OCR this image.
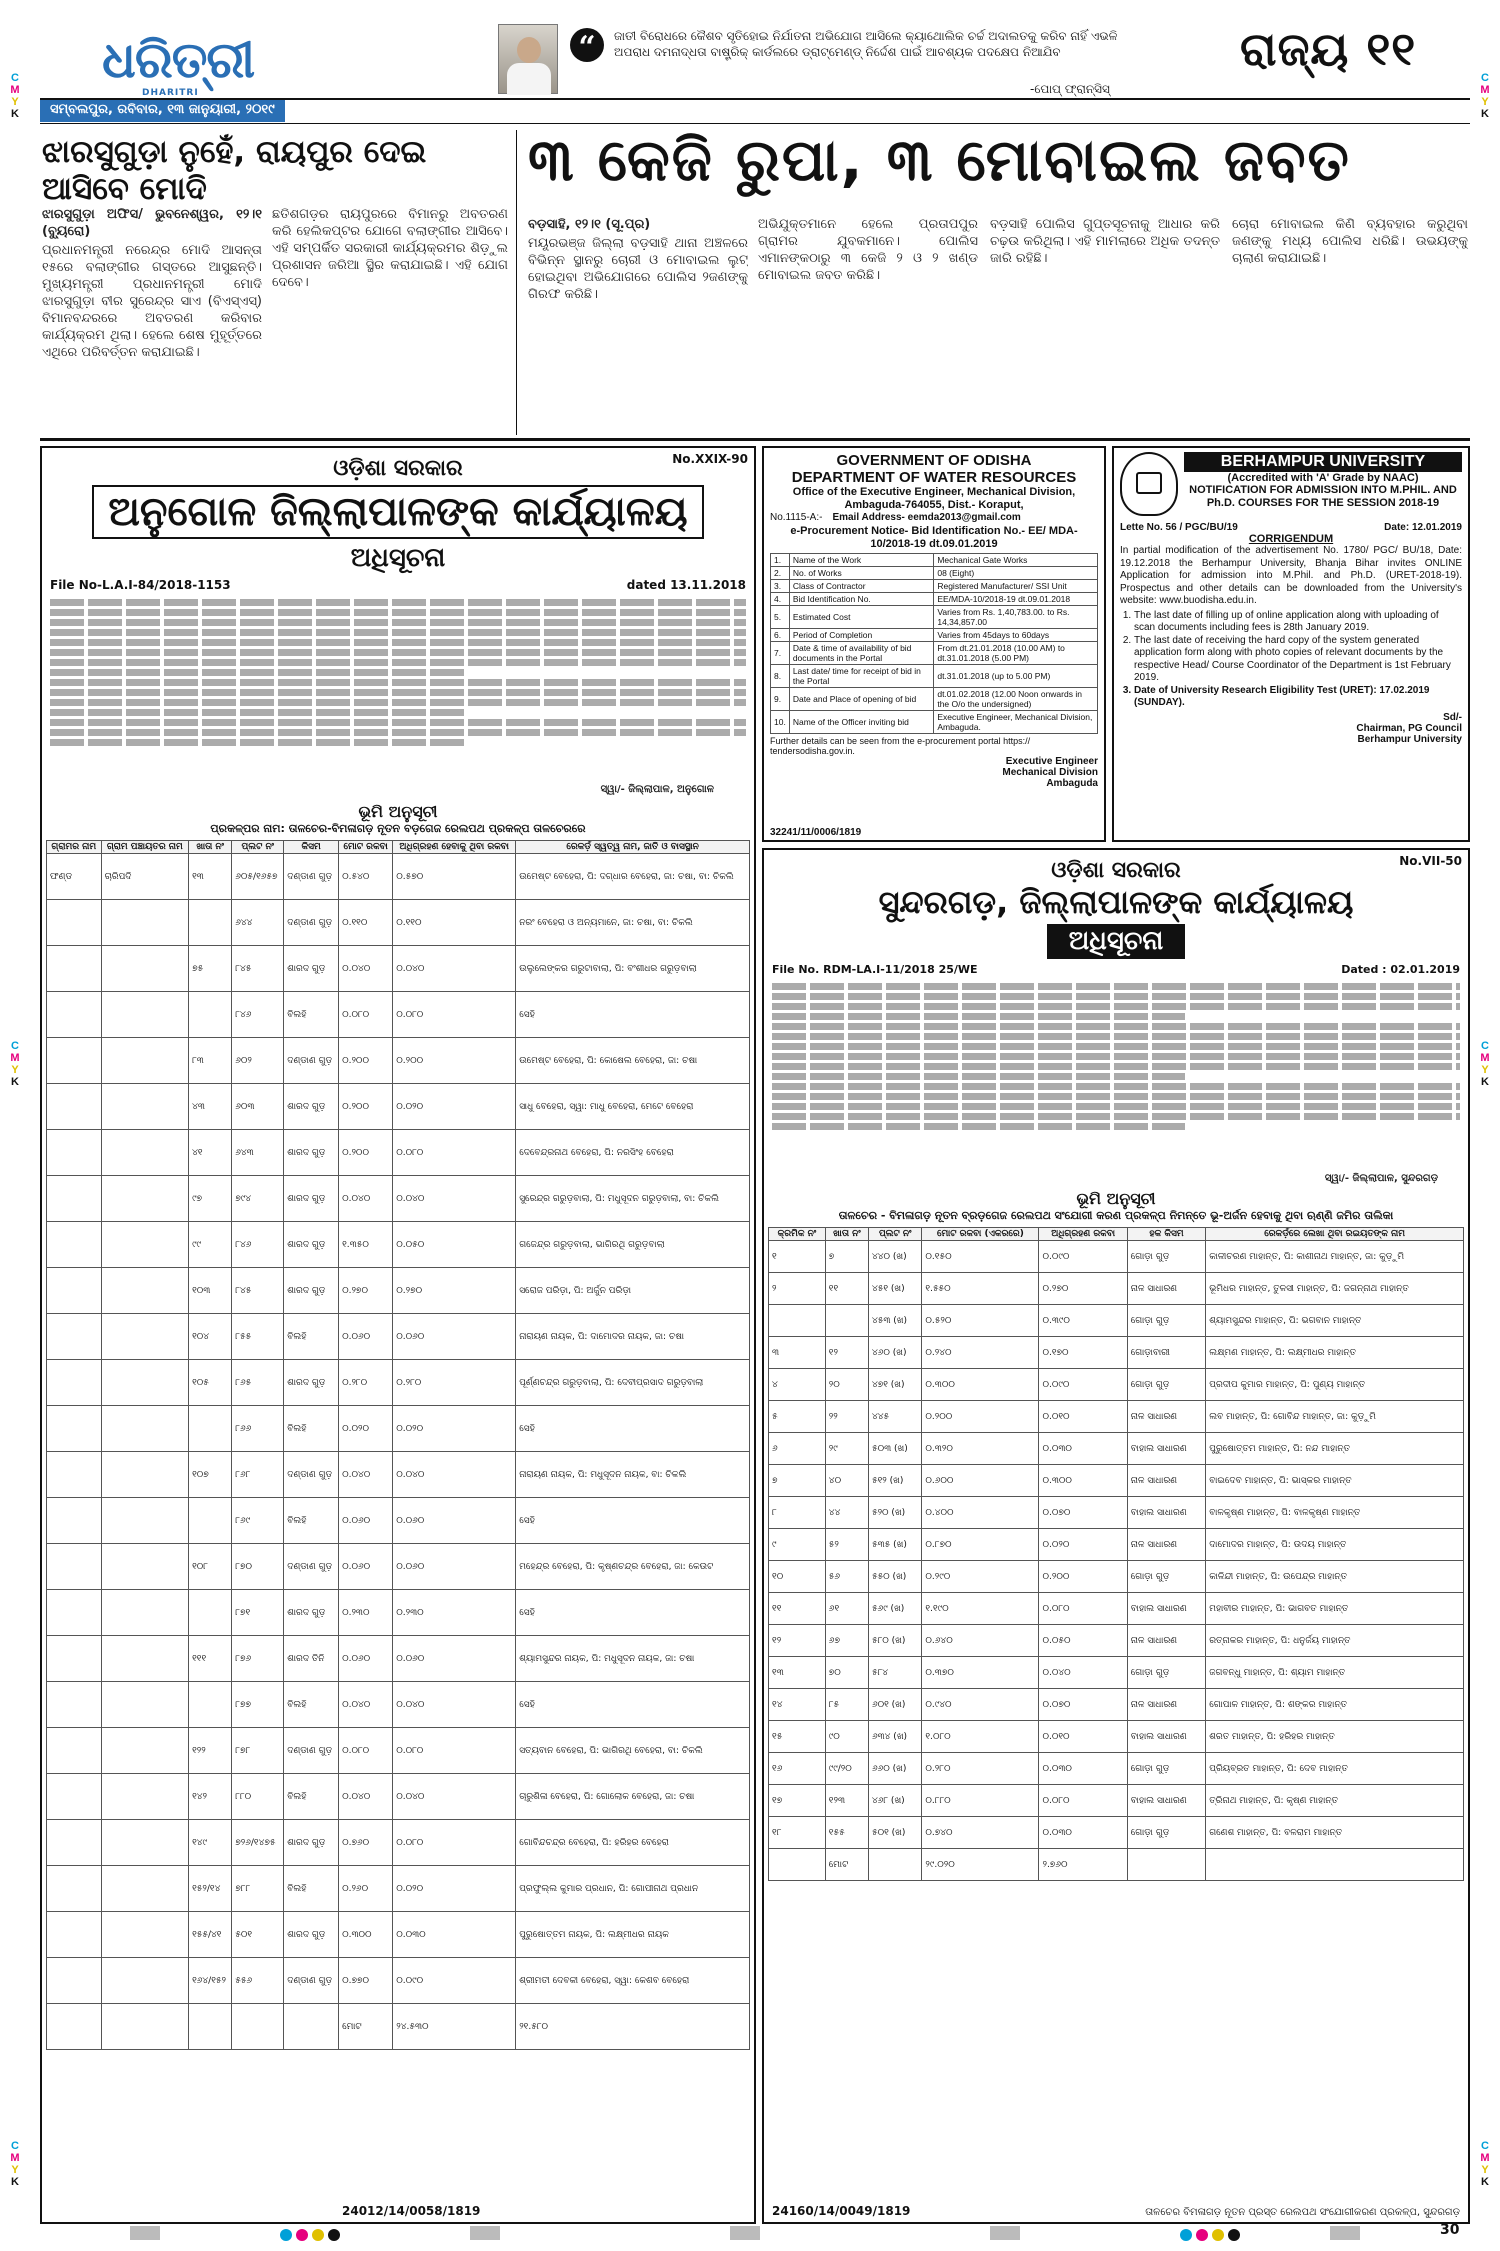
C
M
Y
K
C
M
Y
K
C
M
Y
K
C
M
Y
K
C
M
Y
K
C
M
Y
K
ଧରିତ୍ରୀ
DHARITRI
“	ଜାତୀ ବିରୋଧରେ କୈଶବ ସୃତିହୋଇ ନିର୍ଯାତନା ଅଭିଯୋଗ ଆସିଲେ କ୍ୟାଥୋଲିକ ଚର୍ଚ୍ଚ ଅଦାଲତକୁ କରିବ ନାହିଁ ଏଭଳି ଅପରାଧ ଦମନାଦ୍ଧତା ବାଷ୍ଟ୍ରିକ୍ କାର୍ଡଲରେ ଡ୍ରାଟ୍‌ମେଣ୍ଡ୍ ନିର୍ଦ୍ଦେଶ ପାଇଁ ଆବଶ୍ୟକ ପଦକ୍ଷେପ ନିଆଯିବ
-ପୋପ୍ ଫ୍ରାନ୍ସିସ୍
ରାଜ୍ୟ ୧୧
ସମ୍ବଲପୁର, ରବିବାର, ୧୩ ଜାନୁୟାରୀ, ୨୦୧୯
ଝାରସୁଗୁଡ଼ା ନୁହେଁ, ରାୟପୁର ଦେଇ ଆସିବେ ମୋଦି
ଝାରସୁଗୁଡ଼ା ଅଫିସ/ ଭୁବନେଶ୍ୱର, ୧୨।୧ (ବ୍ୟୁରୋ)
ପ୍ରଧାନମନ୍ତ୍ରୀ ନରେନ୍ଦ୍ର ମୋଦି ଆସନ୍ତା ୧୫ରେ ବଲାଙ୍ଗୀର ଗସ୍ତରେ ଆସୁଛନ୍ତି। ମୁଖ୍ୟମନ୍ତ୍ରୀ ପ୍ରଧାନମନ୍ତ୍ରୀ ମୋଦି ଝାରସୁଗୁଡ଼ା ବୀର ସୁରେନ୍ଦ୍ର ସାଏ (ବିଏସ୍‌ଏସ୍) ବିମାନବନ୍ଦରରେ ଅବତରଣ କରିବାର କାର୍ଯ୍ୟକ୍ରମ ଥିଲା। ହେଲେ ଶେଷ ମୁହୂର୍ତ୍ତରେ ଏଥିରେ ପରିବର୍ତ୍ତନ କରାଯାଇଛି।
ଛତିଶଗଡ଼ର ରାୟପୁରରେ ବିମାନରୁ ଅବତରଣ କରି ହେଲିକପ୍ଟର ଯୋଗେ ବଲାଙ୍ଗୀର ଆସିବେ। ଏହି ସମ୍ପର୍କିତ ସରକାରୀ କାର୍ଯ୍ୟକ୍ରମର ଶିଡ଼ୁଲ ପ୍ରଶାସନ ଜରିଆ ସ୍ଥିର କରାଯାଇଛି। ଏହି ଯୋଗ ଦେବେ।
୩ କେଜି ରୁପା, ୩ ମୋବାଇଲ ଜବତ
ବଡ଼ସାହି, ୧୨।୧ (ସୂ.ପ୍ର)
ମୟୂରଭଞ୍ଜ ଜିଲ୍ଲା ବଡ଼ସାହି ଥାନା ଅଞ୍ଚଳରେ ବିଭିନ୍ନ ସ୍ଥାନରୁ ଚୋରୀ ଓ ମୋବାଇଲ ଲୁଟ୍ ହୋଇଥିବା ଅଭିଯୋଗରେ ପୋଲିସ ୨ଜଣଙ୍କୁ ଗିରଫ କରିଛି।
ଅଭିଯୁକ୍ତମାନେ ହେଲେ ପ୍ରତାପପୁର ଗ୍ରାମର ଯୁବକମାନେ। ପୋଲିସ ଏମାନଙ୍କଠାରୁ ୩ କେଜି ୨ ଓ ୨ ଖଣ୍ଡ ମୋବାଇଲ ଜବତ କରିଛି।
ବଡ଼ସାହି ପୋଲିସ ଗୁପ୍ତସୂଚନାକୁ ଆଧାର କରି ଚଢ଼ଉ କରିଥିଲା। ଏହି ମାମଲାରେ ଅଧିକ ତଦନ୍ତ ଜାରି ରହିଛି।
ଚୋରା ମୋବାଇଲ କିଣି ବ୍ୟବହାର କରୁଥିବା ଜଣଙ୍କୁ ମଧ୍ୟ ପୋଲିସ ଧରିଛି। ଉଭୟଙ୍କୁ ଚାଲାଣ କରାଯାଇଛି।
No.XXIX-90
ଓଡ଼ିଶା ସରକାର
ଅନୁଗୋଳ ଜିଲ୍ଲାପାଳଙ୍କ କାର୍ଯ୍ୟାଳୟ
ଅଧିସୂଚନା
File No-L.A.I-84/2018-1153	dated 13.11.2018
ସ୍ୱା/- ଜିଲ୍ଲାପାଳ, ଅନୁଗୋଳ
ଭୂମି ଅନୁସୂଚୀ
ପ୍ରକଳ୍ପର ନାମ: ତାଳଚେର-ବିମଳାଗଡ଼ ନୂତନ ବଡ଼ଗେଜ ରେଲପଥ ପ୍ରକଳ୍ପ ତାଳଚେରରେ
ଗ୍ରାମର ନାମ	ଗ୍ରାମ ପଞ୍ଚାୟତର ନାମ	ଖାତା ନଂ	ପ୍ଲଟ ନଂ	କିସମ	ମୋଟ ରକବା	ଅଧିଗ୍ରହଣ ହେବାକୁ ଥିବା ରକବା	ରେକର୍ଡ଼ ସ୍ୱତ୍ୱ ନାମ, ଜାତି ଓ ବାସସ୍ଥାନ
ଫଣ୍ଡ	ଚାରିପଦି	୧୩	୬୦୫/୧୬୫୭	ଦଣ୍ଡାଣ ଗୁଡ଼	୦.୫୪୦	୦.୫୭୦	ଉମେଷ୍ଟ ବେହେରା, ପି: ଦଗ୍ଧାର ବେହେରା, ଜା: ଚଷା, ବା: ଚିକଲି
			୬୪୪	ଦଣ୍ଡାଣ ଗୁଡ଼	୦.୧୧୦	୦.୧୧୦	ନରଂ ବେହେରା ଓ ଅନ୍ୟମାନେ, ଜା: ଚଷା, ବା: ଚିକଲି
		୭୫	୮୪୫	ଶାରଦ ଗୁଡ଼	୦.୦୪୦	୦.୦୪୦	ଉଲୁଲେଙ୍କର ଗରୁଟାବାଲା, ପି: ବଂଶୀଧର ଗରୁଡ଼ବାଲା
			୮୪୬	ବିଲହି	୦.୦୮୦	୦.୦୮୦	ସେହି
		୮୩	୬୦୨	ଦଣ୍ଡାଣ ଗୁଡ଼	୦.୨୦୦	୦.୨୦୦	ଉମେଷ୍ଟ ବେହେରା, ପି: କୋଷେଲ ବେହେରା, ଜା: ଚଷା
		୪୩	୬୦୩	ଶାରଦ ଗୁଡ଼	୦.୨୦୦	୦.୦୨୦	ସାଧୁ ବେହେରା, ସ୍ୱା: ମାଧୁ ବେହେରା, ମେଟେ ବେହେରା
		୪୧	୬୪୩	ଶାରଦ ଗୁଡ଼	୦.୨୦୦	୦.୦୮୦	ଦେବେନ୍ଦ୍ରନାଥ ବେହେରା, ପି: ନରସିଂହ ବେହେରା
		୯୭	୭୯୪	ଶାରଦ ଗୁଡ଼	୦.୦୪୦	୦.୦୪୦	ସୁରେନ୍ଦ୍ର ଗରୁଡ଼ବାଲା, ପି: ମଧୁସୂଦନ ଗରୁଡ଼ବାଲା, ବା: ଚିକଲି
		୯୯	୮୪୬	ଶାରଦ ଗୁଡ଼	୧.୩୫୦	୦.୦୫୦	ଗଜେନ୍ଦ୍ର ଗରୁଡ଼ବାଲା, ଭାଗିରଥି ଗରୁଡ଼ବାଲା
		୧୦୩	୮୪୫	ଶାରଦ ଗୁଡ଼	୦.୨୭୦	୦.୨୭୦	ସରୋଜ ପରିଡ଼ା, ପି: ଅର୍ଜୁନ ପରିଡ଼ା
		୧୦୪	୮୫୫	ବିଲହି	୦.୦୬୦	୦.୦୬୦	ନାରାୟଣ ନାୟକ, ପି: ଦାମୋଦର ନାୟକ, ଜା: ଚଷା
		୧୦୫	୮୬୫	ଶାରଦ ଗୁଡ଼	୦.୨୮୦	୦.୨୮୦	ପୂର୍ଣ୍ଣଚନ୍ଦ୍ର ଗରୁଡ଼ବାଲା, ପି: ଦେବୀପ୍ରସାଦ ଗରୁଡ଼ବାଲା
			୮୬୬	ବିଲହି	୦.୦୨୦	୦.୦୨୦	ସେହି
		୧୦୭	୮୬୮	ଦଣ୍ଡାଣ ଗୁଡ଼	୦.୦୪୦	୦.୦୪୦	ନାରାୟଣ ନାୟକ, ପି: ମଧୁସୂଦନ ନାୟକ, ବା: ଚିକଲି
			୮୬୯	ବିଲହି	୦.୦୬୦	୦.୦୬୦	ସେହି
		୧୦୮	୮୭୦	ଦଣ୍ଡାଣ ଗୁଡ଼	୦.୦୬୦	୦.୦୬୦	ମହେନ୍ଦ୍ର ବେହେରା, ପି: କୃଷ୍ଣଚନ୍ଦ୍ର ବେହେରା, ଜା: କେଉଟ
			୮୭୧	ଶାରଦ ଗୁଡ଼	୦.୨୩୦	୦.୨୩୦	ସେହି
		୧୧୧	୮୭୬	ଶାରଦ ତିନି	୦.୦୬୦	୦.୦୬୦	ଶ୍ୟାମସୁନ୍ଦର ନାୟକ, ପି: ମଧୁସୂଦନ ନାୟକ, ଜା: ଚଷା
			୮୭୭	ବିଲହି	୦.୦୪୦	୦.୦୪୦	ସେହି
		୧୨୨	୮୭୮	ଦଣ୍ଡାଣ ଗୁଡ଼	୦.୦୮୦	୦.୦୮୦	ସତ୍ୟବାନ ବେହେରା, ପି: ଭାଗିରଥି ବେହେରା, ବା: ଚିକଲି
		୧୪୨	୮୮୦	ବିଲହି	୦.୦୪୦	୦.୦୪୦	ଚାରୁଶିଳା ବେହେରା, ପି: ଗୋଲୋକ ବେହେରା, ଜା: ଚଷା
		୧୪୯	୭୨୬/୧୪୭୫	ଶାରଦ ଗୁଡ଼	୦.୭୬୦	୦.୦୮୦	ଗୋବିନ୍ଦଚନ୍ଦ୍ର ବେହେରା, ପି: ହରିହର ବେହେରା
		୧୫୨/୧୪	୭୮୮	ବିଲହି	୦.୨୬୦	୦.୦୨୦	ପ୍ରଫୁଲ୍ଲ କୁମାର ପ୍ରଧାନ, ପି: ଗୋପୀନାଥ ପ୍ରଧାନ
		୧୫୫/୪୧	୫୦୧	ଶାରଦ ଗୁଡ଼	୦.୩୦୦	୦.୦୩୦	ପୁରୁଷୋତ୍ତମ ନାୟକ, ପି: ଲକ୍ଷ୍ମୀଧର ନାୟକ
		୧୬୪/୧୫୨	୫୫୬	ଦଣ୍ଡାଣ ଗୁଡ଼	୦.୭୭୦	୦.୦୯୦	ଶ୍ରୀମତୀ ଦେବକୀ ବେହେରା, ସ୍ୱା: କେଶବ ବେହେରା
					ମୋଟ	୨୪.୫୩୦	୨୧.୫୮୦
24012/14/0058/1819
GOVERNMENT OF ODISHA
DEPARTMENT OF WATER RESOURCES
Office of the Executive Engineer, Mechanical Division, Ambaguda-764055, Dist.- Koraput,
No.1115-A:- Email Address- eemda2013@gmail.com
e-Procurement Notice- Bid Identification No.- EE/ MDA-10/2018-19 dt.09.01.2019
1.	Name of the Work	Mechanical Gate Works
2.	No. of Works	08 (Eight)
3.	Class of Contractor	Registered Manufacturer/ SSI Unit
4.	Bid Identification No.	EE/MDA-10/2018-19 dt.09.01.2018
5.	Estimated Cost	Varies from Rs. 1,40,783.00. to Rs. 14,34,857.00
6.	Period of Completion	Varies from 45days to 60days
7.	Date & time of availability of bid documents in the Portal	From dt.21.01.2018 (10.00 AM) to dt.31.01.2018 (5.00 PM)
8.	Last date/ time for receipt of bid in the Portal	dt.31.01.2018 (up to 5.00 PM)
9.	Date and Place of opening of bid	dt.01.02.2018 (12.00 Noon onwards in the O/o the undersigned)
10.	Name of the Officer inviting bid	Executive Engineer, Mechanical Division, Ambaguda.
Further details can be seen from the e-procurement portal https:// tendersodisha.gov.in.
Executive Engineer Mechanical Division Ambaguda
32241/11/0006/1819
BERHAMPUR UNIVERSITY
(Accredited with 'A' Grade by NAAC)
NOTIFICATION FOR ADMISSION INTO M.PHIL. AND Ph.D. COURSES FOR THE SESSION 2018-19
Lette No. 56 / PGC/BU/19	Date: 12.01.2019
CORRIGENDUM
In partial modification of the advertisement No. 1780/ PGC/ BU/18, Date: 19.12.2018 the Berhampur University, Bhanja Bihar invites ONLINE Application for admission into M.Phil. and Ph.D. (URET-2018-19). Prospectus and other details can be downloaded from the University's website: www.buodisha.edu.in.
1. The last date of filling up of online application along with uploading of scan documents including fees is 28th January 2019.
2. The last date of receiving the hard copy of the system generated application form along with photo copies of relevant documents by the respective Head/ Course Coordinator of the Department is 1st February 2019.
3. Date of University Research Eligibility Test (URET): 17.02.2019 (SUNDAY).
Sd/-
Chairman, PG Council
Berhampur University
No.VII-50
ଓଡ଼ିଶା ସରକାର
ସୁନ୍ଦରଗଡ଼, ଜିଲ୍ଲାପାଳଙ୍କ କାର୍ଯ୍ୟାଳୟ
ଅଧିସୂଚନା
File No. RDM-LA.I-11/2018 25/WE	Dated : 02.01.2019
ସ୍ୱା/- ଜିଲ୍ଲାପାଳ, ସୁନ୍ଦରଗଡ଼
ଭୂମି ଅନୁସୂଚୀ
ତାଳଚେର - ବିମଳାଗଡ଼ ନୂତନ ବ୍ରଡ଼ଗେଜ ରେଲପଥ ସଂଯୋଗୀ କରଣ ପ୍ରକଳ୍ପ ନିମନ୍ତେ ଭୂ-ଅର୍ଜନ ହେବାକୁ ଥିବା ଋଣ୍ଣି ଜମିର ତାଲିକା
କ୍ରମିକ ନଂ	ଖାତା ନଂ	ପ୍ଲଟ ନଂ	ମୋଟ ରକବା (ଏକରରେ)	ଅଧିଗ୍ରହଣ ରକବା	ହକ କିସମ	ରେକର୍ଡ଼ରେ ଲେଖା ଥିବା ରଇୟତଙ୍କ ନାମ
୧	୭	୪୪୦ (ଖ)	୦.୧୫୦	୦.୦୯୦	ଗୋଡ଼ା ଗୁଡ଼	କାଳୀଚରଣ ମାହାନ୍ତ, ପି: କାଶୀନାଥ ମାହାନ୍ତ, ଜା: କୁଡ଼ୁମି
୨	୧୧	୪୫୧ (ଖ)	୧.୫୫୦	୦.୨୭୦	ନାଳ ସାଧାରଣ	ଭୂମିଧର ମାହାନ୍ତ, ତୁଳସୀ ମାହାନ୍ତ, ପି: ଜଗନ୍ନାଥ ମାହାନ୍ତ
		୪୫୩ (ଖ)	୦.୫୨୦	୦.୩୯୦	ଗୋଡ଼ା ଗୁଡ଼	ଶ୍ୟାମସୁନ୍ଦର ମାହାନ୍ତ, ପି: ଭଗବାନ ମାହାନ୍ତ
୩	୧୨	୪୬୦ (ଖ)	୦.୨୪୦	୦.୧୭୦	ଗୋଡ଼ାବାରୀ	ଲକ୍ଷ୍ମଣ ମାହାନ୍ତ, ପି: ଲକ୍ଷ୍ମୀଧର ମାହାନ୍ତ
୪	୨୦	୪୭୧ (ଖ)	୦.୩୦୦	୦.୦୯୦	ଗୋଡ଼ା ଗୁଡ଼	ପ୍ରଦୀପ କୁମାର ମାହାନ୍ତ, ପି: ପୁଣ୍ୟ ମାହାନ୍ତ
୫	୨୨	୪୪୫	୦.୨୦୦	୦.୦୧୦	ନାଳ ସାଧାରଣ	ଲବ ମାହାନ୍ତ, ପି: ଗୋବିନ୍ଦ ମାହାନ୍ତ, ଜା: କୁଡ଼ୁମି
୬	୨୯	୫୦୩ (ଖ)	୦.୩୨୦	୦.୦୩୦	ବାହାଲ ସାଧାରଣ	ପୁରୁଷୋତ୍ତମ ମାହାନ୍ତ, ପି: ନନ୍ଦ ମାହାନ୍ତ
୭	୪୦	୫୧୨ (ଖ)	୦.୬୦୦	୦.୩୦୦	ନାଳ ସାଧାରଣ	ବାଇଦେବ ମାହାନ୍ତ, ପି: ଭାସ୍କର ମାହାନ୍ତ
୮	୪୪	୫୨୦ (ଖ)	୦.୪୦୦	୦.୦୭୦	ବାହାଲ ସାଧାରଣ	ବାଳକୃଷ୍ଣ ମାହାନ୍ତ, ପି: ବାଳକୃଷ୍ଣ ମାହାନ୍ତ
୯	୫୨	୫୩୫ (ଖ)	୦.୮୭୦	୦.୦୨୦	ନାଳ ସାଧାରଣ	ଦାମୋଦର ମାହାନ୍ତ, ପି: ଉଦୟ ମାହାନ୍ତ
୧୦	୫୬	୫୫୦ (ଖ)	୦.୨୯୦	୦.୨୦୦	ଗୋଡ଼ା ଗୁଡ଼	କାଳିନ୍ଦୀ ମାହାନ୍ତ, ପି: ଉପେନ୍ଦ୍ର ମାହାନ୍ତ
୧୧	୬୧	୫୬୯ (ଖ)	୧.୧୯୦	୦.୦୮୦	ବାହାଲ ସାଧାରଣ	ମହାବୀର ମାହାନ୍ତ, ପି: ଭାଗବତ ମାହାନ୍ତ
୧୨	୬୭	୫୮୦ (ଖ)	୦.୬୪୦	୦.୦୫୦	ନାଳ ସାଧାରଣ	ରତ୍ନାକର ମାହାନ୍ତ, ପି: ଧନୁର୍ଜୟ ମାହାନ୍ତ
୧୩	୭୦	୫୮୪	୦.୩୭୦	୦.୦୪୦	ଗୋଡ଼ା ଗୁଡ଼	ଜଗବନ୍ଧୁ ମାହାନ୍ତ, ପି: ଶ୍ୟାମ ମାହାନ୍ତ
୧୪	୮୫	୬୦୧ (ଖ)	୦.୯୪୦	୦.୦୭୦	ନାଳ ସାଧାରଣ	ଗୋପାଳ ମାହାନ୍ତ, ପି: ଶଙ୍କର ମାହାନ୍ତ
୧୫	୯୦	୬୩୪ (ଖ)	୧.୦୮୦	୦.୦୧୦	ବାହାଲ ସାଧାରଣ	ଶରତ ମାହାନ୍ତ, ପି: ହରିହର ମାହାନ୍ତ
୧୬	୯୯/୨୦	୬୬୦ (ଖ)	୦.୨୮୦	୦.୦୩୦	ଗୋଡ଼ା ଗୁଡ଼	ପ୍ରିୟବ୍ରତ ମାହାନ୍ତ, ପି: ଦେବ ମାହାନ୍ତ
୧୭	୧୨୩	୪୬୮ (ଖ)	୦.୮୮୦	୦.୦୮୦	ବାହାଲ ସାଧାରଣ	ତ୍ରିନାଥ ମାହାନ୍ତ, ପି: କୃଷ୍ଣ ମାହାନ୍ତ
୧୮	୧୫୫	୫୦୧ (ଖ)	୦.୭୪୦	୦.୦୩୦	ଗୋଡ଼ା ଗୁଡ଼	ଗଣେଶ ମାହାନ୍ତ, ପି: ବଳରାମ ମାହାନ୍ତ
	ମୋଟ		୨୯.୦୨୦	୨.୭୬୦		
24160/14/0049/1819	ତାଳଚେର ବିମଳାଗଡ଼ ନୂତନ ପ୍ରସ୍ତ ରେଲପଥ ସଂଯୋଗୀକରଣ ପ୍ରକଳ୍ପ, ସୁନ୍ଦରଗଡ଼
30
